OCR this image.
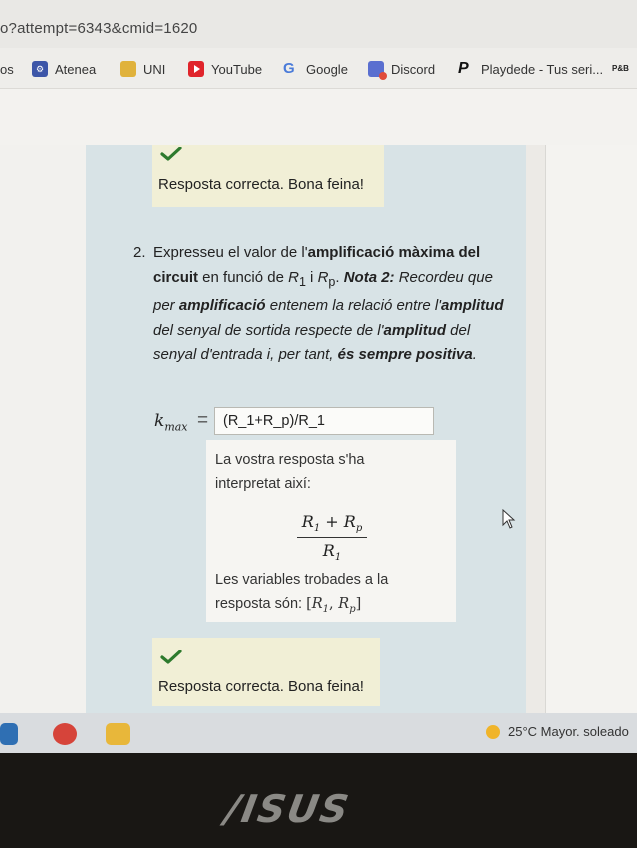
o?attempt=6343&cmid=1620
os	⚙ Atenea	UNI	YouTube G Google	Discord P Playdede - Tus seri... P&B
Resposta correcta. Bona feina!
2. Expresseu el valor de l'amplificació màxima del circuit en funció de $R_1$ i $R_p$. Nota 2: Recordeu que per amplificació entenem la relació entre l'amplitud del senyal de sortida respecte de l'amplitud del senyal d'entrada i, per tant, és sempre positiva.
$k_{max}$ =	(R_1+R_p)/R_1
La vostra resposta s'ha
interpretat així:
$R_1 + R_p$
$R_1$
Les variables trobades a la
resposta són: [$R_1$, $R_p$]
Resposta correcta. Bona feina!
25°C Mayor. soleado
/ISUS
